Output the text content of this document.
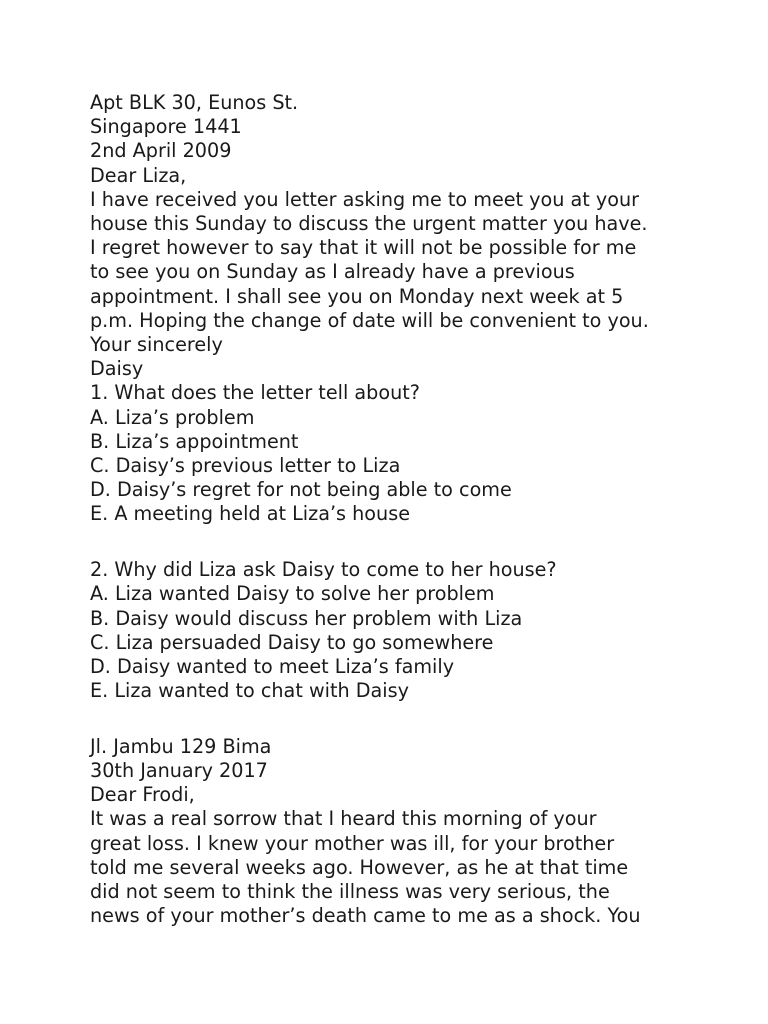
Apt BLK 30, Eunos St.
Singapore 1441
2nd April 2009
Dear Liza,
I have received you letter asking me to meet you at your
house this Sunday to discuss the urgent matter you have.
I regret however to say that it will not be possible for me
to see you on Sunday as I already have a previous
appointment. I shall see you on Monday next week at 5
p.m. Hoping the change of date will be convenient to you.
Your sincerely
Daisy
1. What does the letter tell about?
A. Liza’s problem
B. Liza’s appointment
C. Daisy’s previous letter to Liza
D. Daisy’s regret for not being able to come
E. A meeting held at Liza’s house
2. Why did Liza ask Daisy to come to her house?
A. Liza wanted Daisy to solve her problem
B. Daisy would discuss her problem with Liza
C. Liza persuaded Daisy to go somewhere
D. Daisy wanted to meet Liza’s family
E. Liza wanted to chat with Daisy
Jl. Jambu 129 Bima
30th January 2017
Dear Frodi,
It was a real sorrow that I heard this morning of your
great loss. I knew your mother was ill, for your brother
told me several weeks ago. However, as he at that time
did not seem to think the illness was very serious, the
news of your mother’s death came to me as a shock. You
